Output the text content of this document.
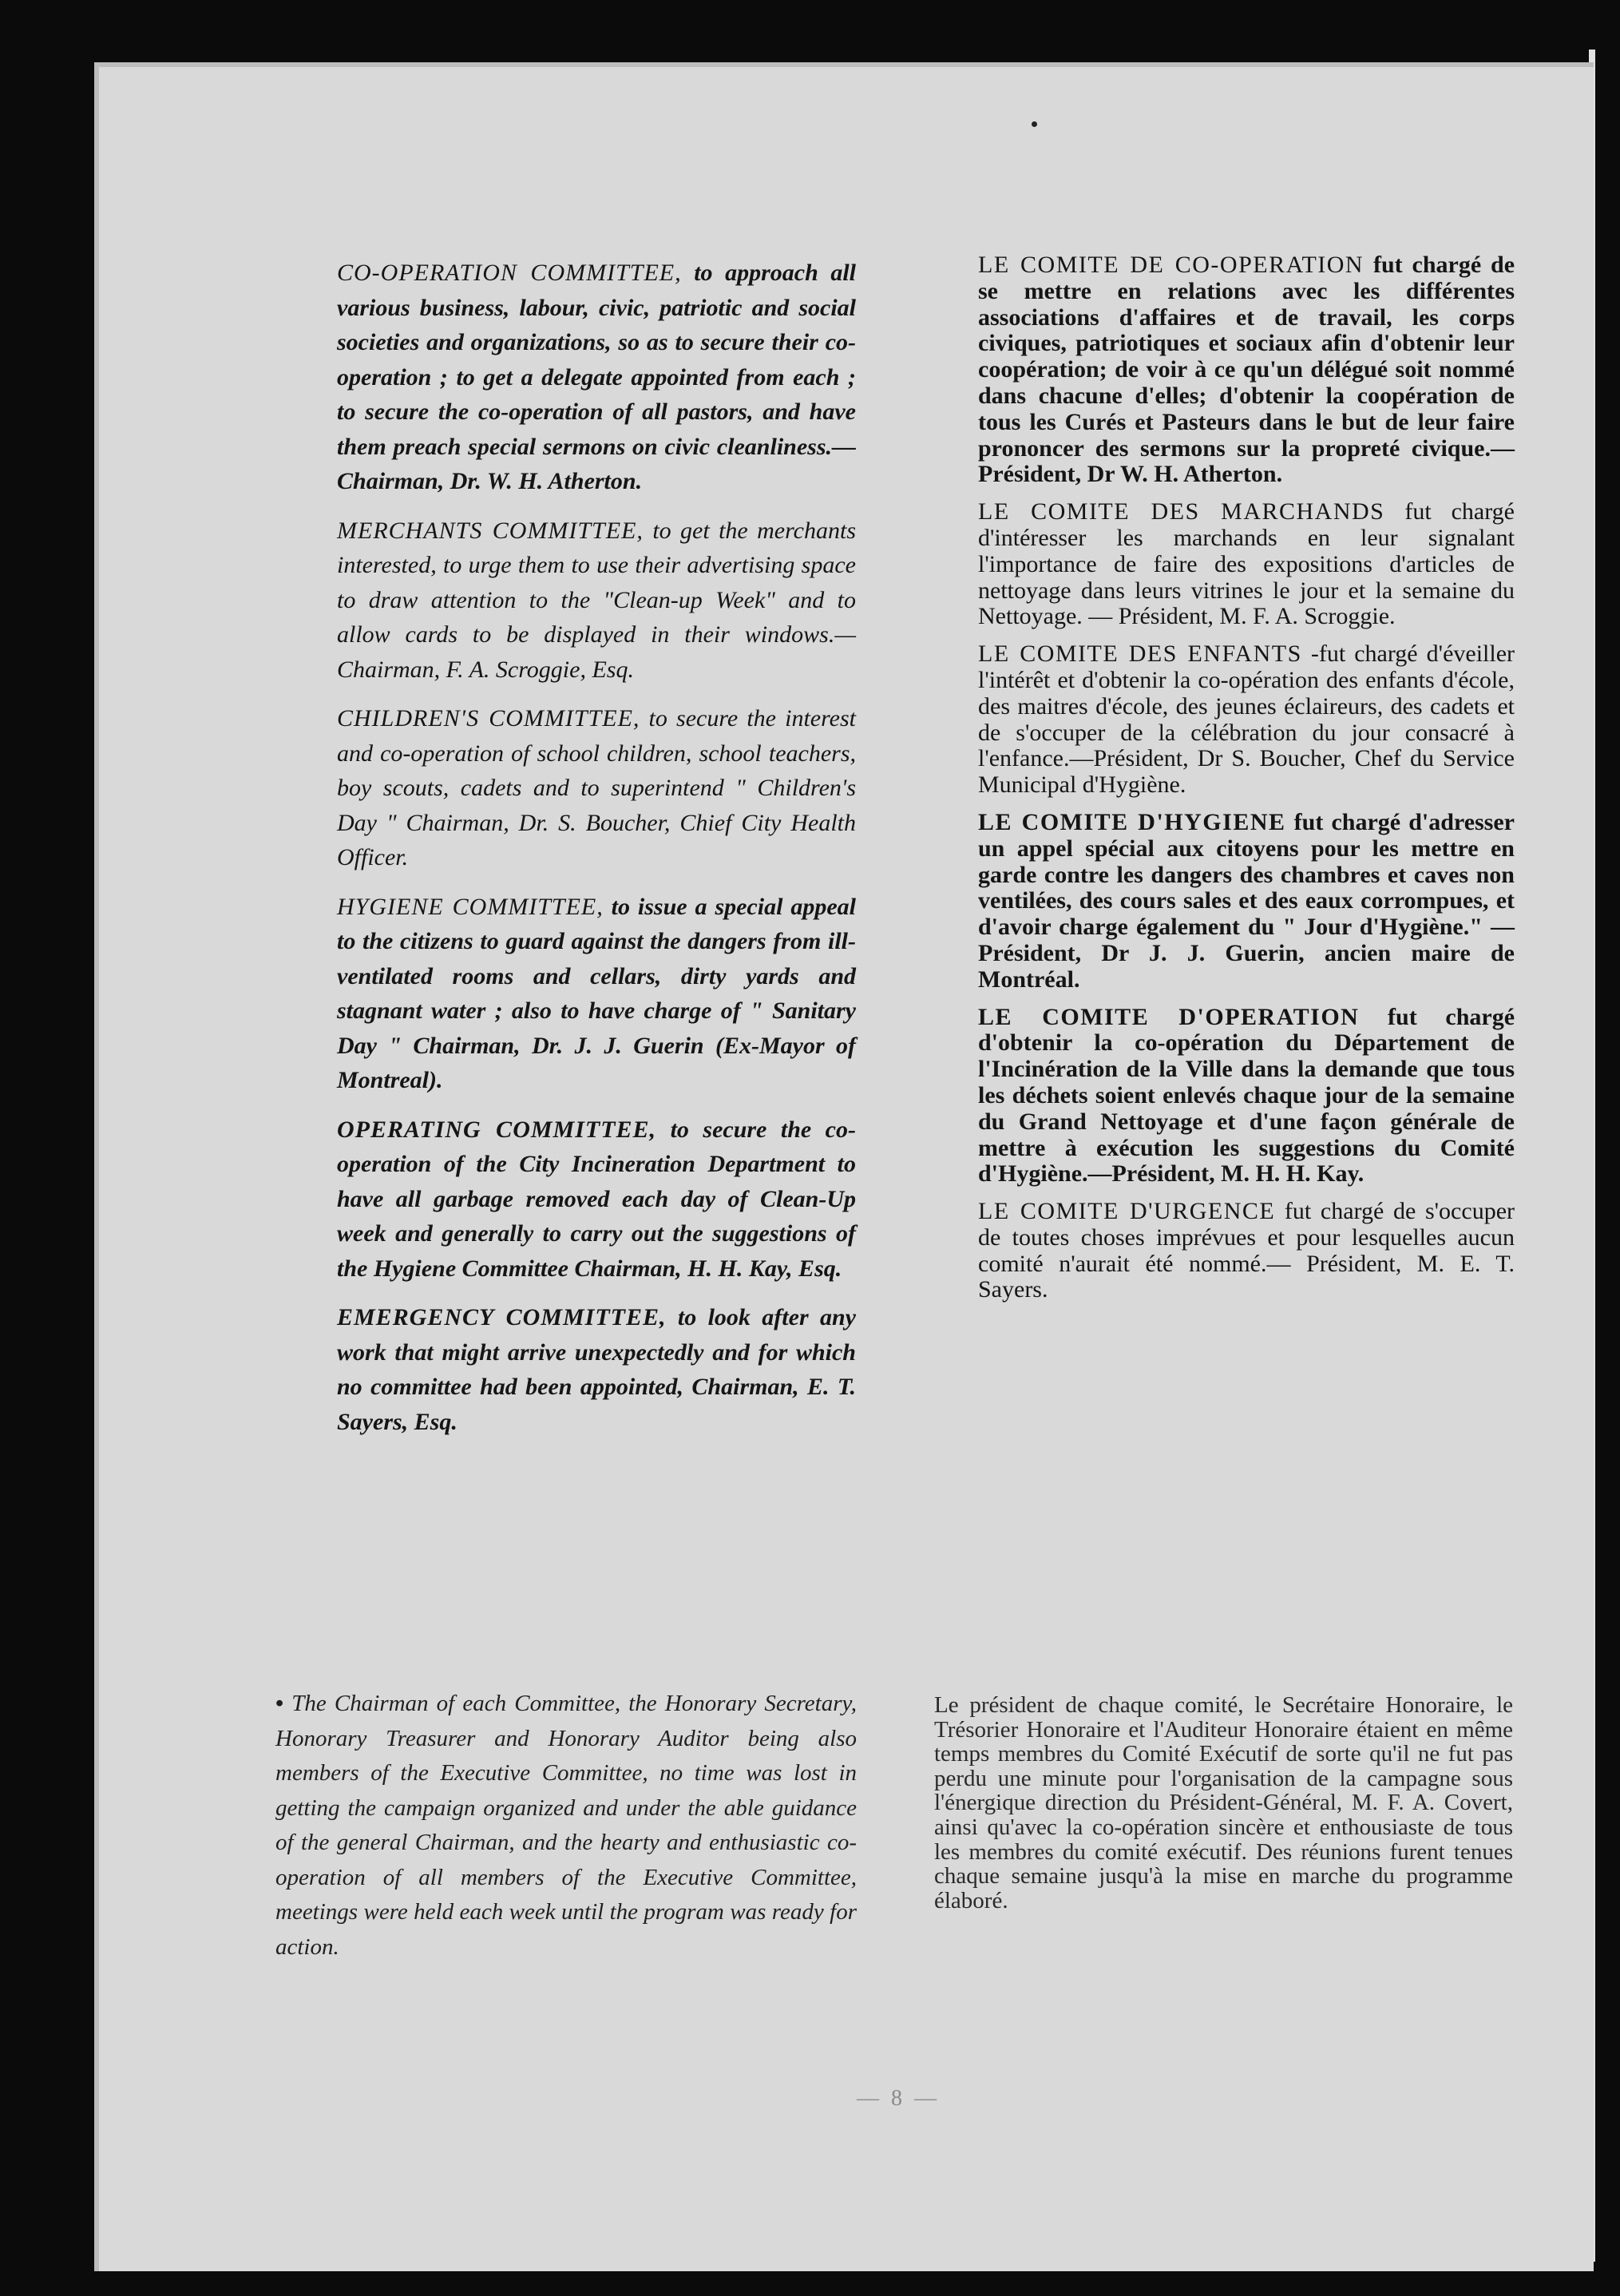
CO-OPERATION COMMITTEE, to approach all various business, labour, civic, patriotic and social societies and organizations, so as to secure their co-operation ; to get a delegate appointed from each ; to secure the co-operation of all pastors, and have them preach special sermons on civic cleanliness.—Chairman, Dr. W. H. Atherton.

MERCHANTS COMMITTEE, to get the merchants interested, to urge them to use their advertising space to draw attention to the "Clean-up Week" and to allow cards to be displayed in their windows.—Chairman, F. A. Scroggie, Esq.

CHILDREN'S COMMITTEE, to secure the interest and co-operation of school children, school teachers, boy scouts, cadets and to superintend " Children's Day " Chairman, Dr. S. Boucher, Chief City Health Officer.

HYGIENE COMMITTEE, to issue a special appeal to the citizens to guard against the dangers from ill-ventilated rooms and cellars, dirty yards and stagnant water ; also to have charge of " Sanitary Day " Chairman, Dr. J. J. Guerin (Ex-Mayor of Montreal).

OPERATING COMMITTEE, to secure the co-operation of the City Incineration Department to have all garbage removed each day of Clean-Up week and generally to carry out the suggestions of the Hygiene Committee Chairman, H. H. Kay, Esq.

EMERGENCY COMMITTEE, to look after any work that might arrive unexpectedly and for which no committee had been appointed, Chairman, E. T. Sayers, Esq.

LE COMITE DE CO-OPERATION fut chargé de se mettre en relations avec les différentes associations d'affaires et de travail, les corps civiques, patriotiques et sociaux afin d'obtenir leur coopération; de voir à ce qu'un délégué soit nommé dans chacune d'elles; d'obtenir la coopération de tous les Curés et Pasteurs dans le but de leur faire prononcer des sermons sur la propreté civique.—Président, Dr W. H. Atherton.

LE COMITE DES MARCHANDS fut chargé d'intéresser les marchands en leur signalant l'importance de faire des expositions d'articles de nettoyage dans leurs vitrines le jour et la semaine du Nettoyage. — Président, M. F. A. Scroggie.

LE COMITE DES ENFANTS -fut chargé d'éveiller l'intérêt et d'obtenir la co-opération des enfants d'école, des maitres d'école, des jeunes éclaireurs, des cadets et de s'occuper de la célébration du jour consacré à l'enfance.—Président, Dr S. Boucher, Chef du Service Municipal d'Hygiène.

LE COMITE D'HYGIENE fut chargé d'adresser un appel spécial aux citoyens pour les mettre en garde contre les dangers des chambres et caves non ventilées, des cours sales et des eaux corrompues, et d'avoir charge également du " Jour d'Hygiène." — Président, Dr J. J. Guerin, ancien maire de Montréal.

LE COMITE D'OPERATION fut chargé d'obtenir la co-opération du Département de l'Incinération de la Ville dans la demande que tous les déchets soient enlevés chaque jour de la semaine du Grand Nettoyage et d'une façon générale de mettre à exécution les suggestions du Comité d'Hygiène.—Président, M. H. H. Kay.

LE COMITE D'URGENCE fut chargé de s'occuper de toutes choses imprévues et pour lesquelles aucun comité n'aurait été nommé.— Président, M. E. T. Sayers.

• The Chairman of each Committee, the Honorary Secretary, Honorary Treasurer and Honorary Auditor being also members of the Executive Committee, no time was lost in getting the campaign organized and under the able guidance of the general Chairman, and the hearty and enthusiastic co-operation of all members of the Executive Committee, meetings were held each week until the program was ready for action.

Le président de chaque comité, le Secrétaire Honoraire, le Trésorier Honoraire et l'Auditeur Honoraire étaient en même temps membres du Comité Exécutif de sorte qu'il ne fut pas perdu une minute pour l'organisation de la campagne sous l'énergique direction du Président-Général, M. F. A. Covert, ainsi qu'avec la co-opération sincère et enthousiaste de tous les membres du comité exécutif. Des réunions furent tenues chaque semaine jusqu'à la mise en marche du programme élaboré.

— 8 —
